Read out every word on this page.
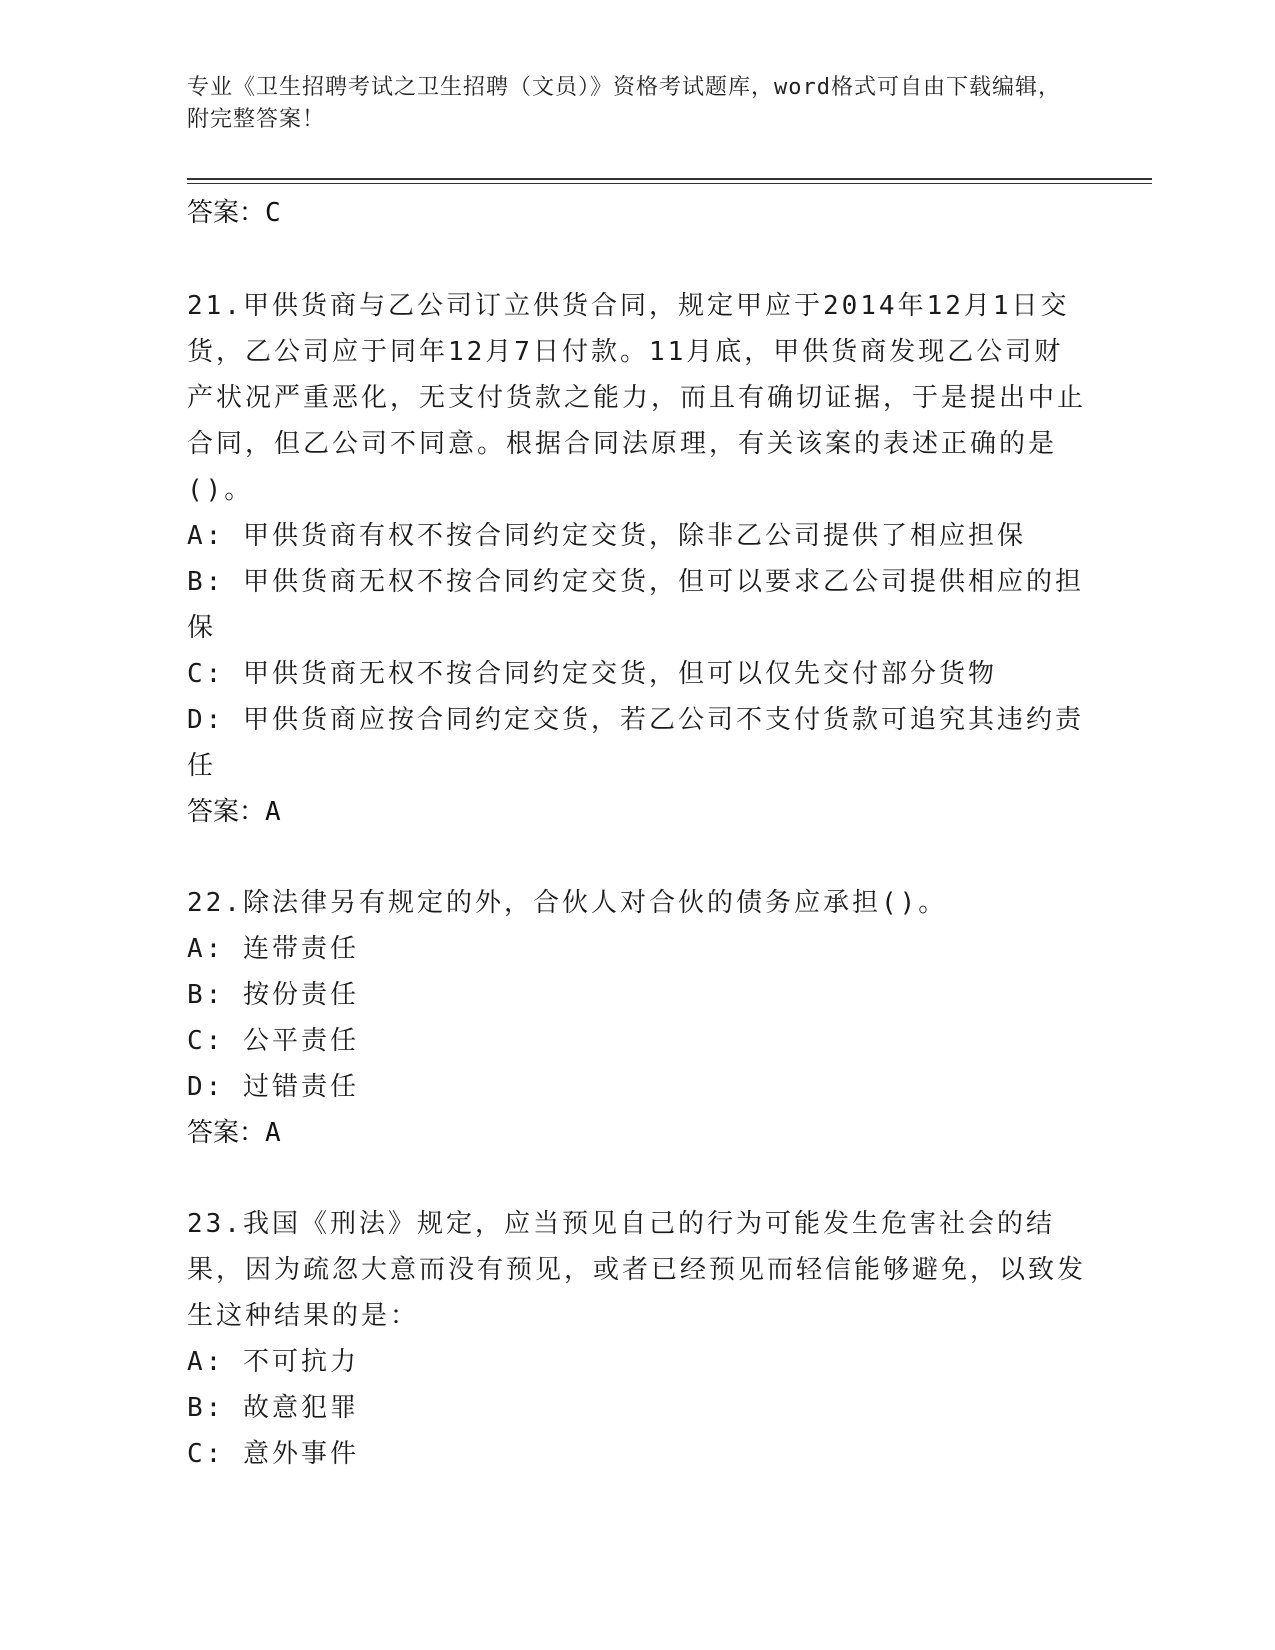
专业《卫生招聘考试之卫生招聘（文员）》资格考试题库，word格式可自由下载编辑，附完整答案！

答案：C

21.甲供货商与乙公司订立供货合同，规定甲应于2014年12月1日交货，乙公司应于同年12月7日付款。11月底，甲供货商发现乙公司财产状况严重恶化，无支付货款之能力，而且有确切证据，于是提出中止合同，但乙公司不同意。根据合同法原理，有关该案的表述正确的是()。

A: 甲供货商有权不按合同约定交货，除非乙公司提供了相应担保

B: 甲供货商无权不按合同约定交货，但可以要求乙公司提供相应的担保

C: 甲供货商无权不按合同约定交货，但可以仅先交付部分货物

D: 甲供货商应按合同约定交货，若乙公司不支付货款可追究其违约责任

答案：A

22.除法律另有规定的外，合伙人对合伙的债务应承担()。

A: 连带责任

B: 按份责任

C: 公平责任

D: 过错责任

答案：A

23.我国《刑法》规定，应当预见自己的行为可能发生危害社会的结果，因为疏忽大意而没有预见，或者已经预见而轻信能够避免，以致发生这种结果的是：

A: 不可抗力

B: 故意犯罪

C: 意外事件
